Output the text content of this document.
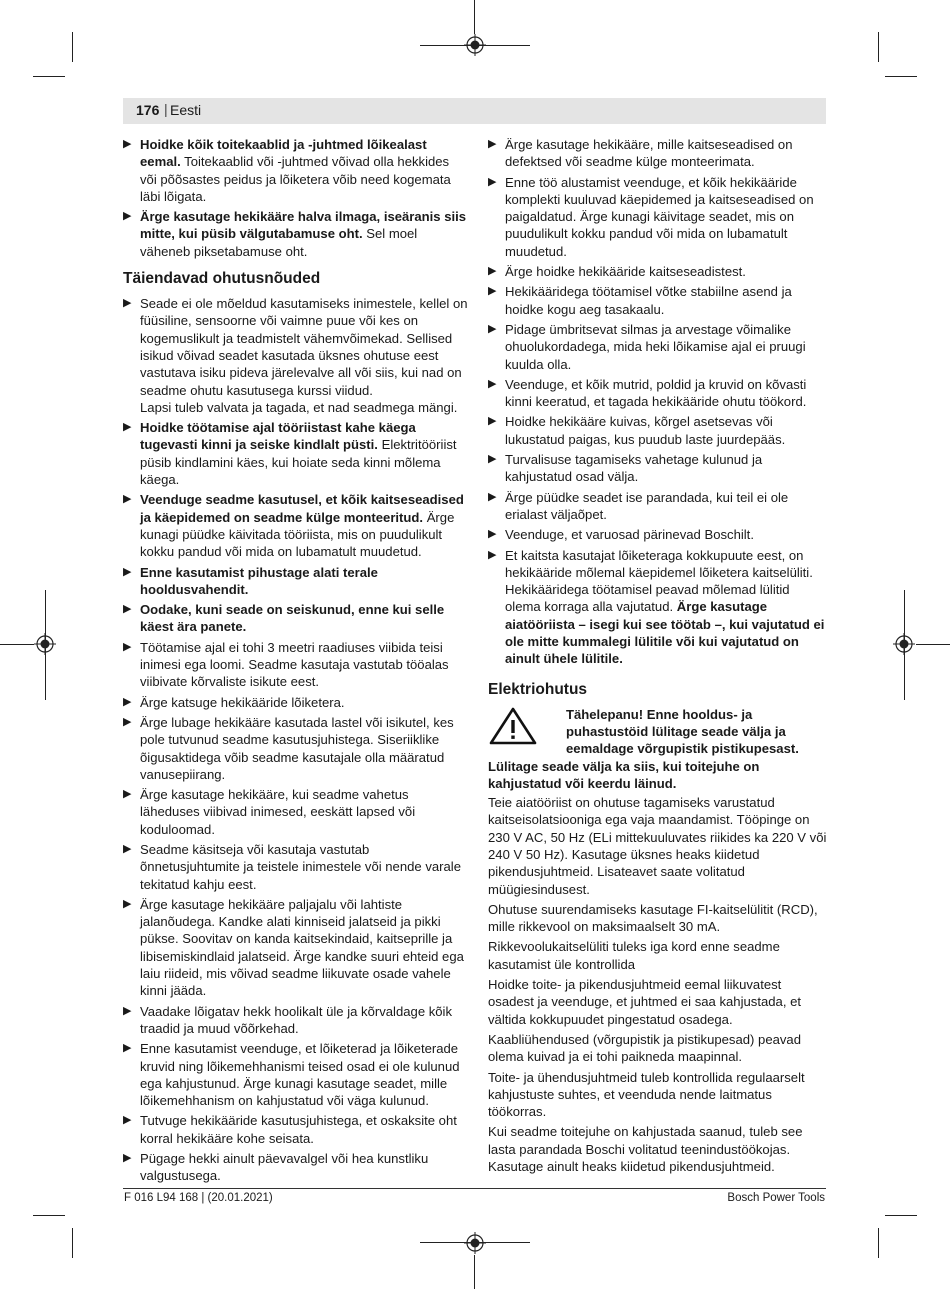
176 | Eesti
▶ Hoidke kõik toitekaablid ja -juhtmed lõikealast eemal. Toitekaablid või -juhtmed võivad olla hekkides või põõsastes peidus ja lõiketera võib need kogemata läbi lõigata.
▶ Ärge kasutage hekikääre halva ilmaga, iseäranis siis mitte, kui püsib välgutabamuse oht. Sel moel väheneb piksetabamuse oht.
Täiendavad ohutusnõuded
▶ Seade ei ole mõeldud kasutamiseks inimestele, kellel on füüsiline, sensoorne või vaimne puue või kes on kogemuslikult ja teadmistelt vähemvõimekad. Sellised isikud võivad seadet kasutada üksnes ohutuse eest vastutava isiku pideva järelevalve all või siis, kui nad on seadme ohutu kasutusega kurssi viidud.
Lapsi tuleb valvata ja tagada, et nad seadmega mängi.
▶ Hoidke töötamise ajal tööriistast kahe käega tugevasti kinni ja seiske kindlalt püsti. Elektritööriist püsib kindlamini käes, kui hoiate seda kinni mõlema käega.
▶ Veenduge seadme kasutusel, et kõik kaitseseadised ja käepidemed on seadme külge monteeritud. Ärge kunagi püüdke käivitada tööriista, mis on puudulikult kokku pandud või mida on lubamatult muudetud.
▶ Enne kasutamist pihustage alati terale hooldusvahendit.
▶ Oodake, kuni seade on seiskunud, enne kui selle käest ära panete.
▶ Töötamise ajal ei tohi 3 meetri raadiuses viibida teisi inimesi ega loomi. Seadme kasutaja vastutab tööalas viibivate kõrvaliste isikute eest.
▶ Ärge katsuge hekikääride lõiketera.
▶ Ärge lubage hekikääre kasutada lastel või isikutel, kes pole tutvunud seadme kasutusjuhistega. Siseriiklike õigusaktidega võib seadme kasutajale olla määratud vanusepiirang.
▶ Ärge kasutage hekikääre, kui seadme vahetus läheduses viibivad inimesed, eeskätt lapsed või koduloomad.
▶ Seadme käsitseja või kasutaja vastutab õnnetusjuhtumite ja teistele inimestele või nende varale tekitatud kahju eest.
▶ Ärge kasutage hekikääre paljajalu või lahtiste jalanõudega. Kandke alati kinniseid jalatseid ja pikki pükse. Soovitav on kanda kaitsekindaid, kaitseprille ja libisemiskindlaid jalatseid. Ärge kandke suuri ehteid ega laiu riideid, mis võivad seadme liikuvate osade vahele kinni jääda.
▶ Vaadake lõigatav hekk hoolikalt üle ja kõrvaldage kõik traadid ja muud võõrkehad.
▶ Enne kasutamist veenduge, et lõiketerad ja lõiketerade kruvid ning lõikemehhanismi teised osad ei ole kulunud ega kahjustunud. Ärge kunagi kasutage seadet, mille lõikemehhanism on kahjustatud või väga kulunud.
▶ Tutvuge hekikääride kasutusjuhistega, et oskaksite oht korral hekikääre kohe seisata.
▶ Pügage hekki ainult päevavalgel või hea kunstliku valgustusega.
▶ Ärge kasutage hekikääre, mille kaitseseadised on defektsed või seadme külge monteerimata.
▶ Enne töö alustamist veenduge, et kõik hekikääride komplekti kuuluvad käepidemed ja kaitseseadised on paigaldatud. Ärge kunagi käivitage seadet, mis on puudulikult kokku pandud või mida on lubamatult muudetud.
▶ Ärge hoidke hekikääride kaitseseadistest.
▶ Hekikääridega töötamisel võtke stabiilne asend ja hoidke kogu aeg tasakaalu.
▶ Pidage ümbritsevat silmas ja arvestage võimalike ohuolukordadega, mida heki lõikamise ajal ei pruugi kuulda olla.
▶ Veenduge, et kõik mutrid, poldid ja kruvid on kõvasti kinni keeratud, et tagada hekikääride ohutu töökord.
▶ Hoidke hekikääre kuivas, kõrgel asetsevas või lukustatud paigas, kus puudub laste juurdepääs.
▶ Turvalisuse tagamiseks vahetage kulunud ja kahjustatud osad välja.
▶ Ärge püüdke seadet ise parandada, kui teil ei ole erialast väljaõpet.
▶ Veenduge, et varuosad pärinevad Boschilt.
▶ Et kaitsta kasutajat lõiketeraga kokkupuute eest, on hekikääride mõlemal käepidemel lõiketera kaitselüliti. Hekikääridega töötamisel peavad mõlemad lülitid olema korraga alla vajutatud. Ärge kasutage aiatööriista – isegi kui see töötab –, kui vajutatud ei ole mitte kummalegi lülitile või kui vajutatud on ainult ühele lülitile.
Elektriohutus
Tähelepanu! Enne hooldus- ja puhastustöid lülitage seade välja ja eemaldage võrgupistik pistikupesast. Lülitage seade välja ka siis, kui toitejuhe on kahjustatud või keerdu läinud.

Teie aiatööriist on ohutuse tagamiseks varustatud kaitseisolatsiooniga ega vaja maandamist. Tööpinge on 230 V AC, 50 Hz (ELi mittekuuluvates riikides ka 220 V või 240 V 50 Hz). Kasutage üksnes heaks kiidetud pikendusjuhtmeid. Lisateavet saate volitatud müügiesindusest.

Ohutuse suurendamiseks kasutage FI-kaitselülitit (RCD), mille rikkevool on maksimaalselt 30 mA.

Rikkevoolukaitselüliti tuleks iga kord enne seadme kasutamist üle kontrollida

Hoidke toite- ja pikendusjuhtmeid eemal liikuvatest osadest ja veenduge, et juhtmed ei saa kahjustada, et vältida kokkupuudet pingestatud osadega.

Kaabliühendused (võrgupistik ja pistikupesad) peavad olema kuivad ja ei tohi paikneda maapinnal.

Toite- ja ühendusjuhtmeid tuleb kontrollida regulaarselt kahjustuste suhtes, et veenduda nende laitmatus töökorras.

Kui seadme toitejuhe on kahjustada saanud, tuleb see lasta parandada Boschi volitatud teenindustöökojas. Kasutage ainult heaks kiidetud pikendusjuhtmeid.

F 016 L94 168 | (20.01.2021)	Bosch Power Tools
